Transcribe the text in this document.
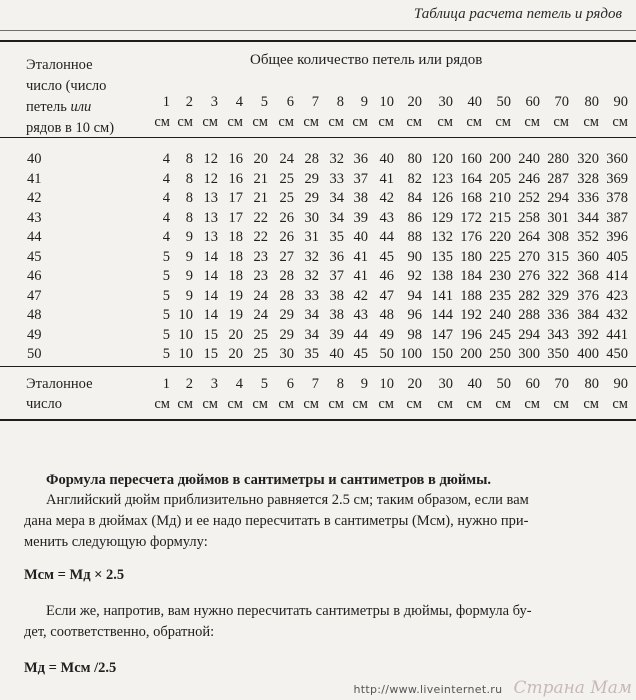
Таблица расчета петель и рядов
Эталонное
число (число
петель или
рядов в 10 см)
Общее количество петель или рядов
1	2	3	4	5	6	7	8	9 10 20	30	40	50	60	70	80	90
см см см см см см см см см см см	см см см см см см см
40	4	8 12 16 20 24 28 32 36 40 80 120 160 200 240 280 320 360
41	4	8 12 16 21 25 29 33 37 41 82 123 164 205 246 287 328 369
42	4	8 13 17 21 25 29 34 38 42 84 126 168 210 252 294 336 378
43	4	8 13 17 22 26 30 34 39 43 86 129 172 215 258 301 344 387
44	4	9 13 18 22 26 31 35 40 44 88 132 176 220 264 308 352 396
45	5	9 14 18 23 27 32 36 41 45 90 135 180 225 270 315 360 405
46	5	9 14 18 23 28 32 37 41 46 92 138 184 230 276 322 368 414
47	5	9 14 19 24 28 33 38 42 47 94 141 188 235 282 329 376 423
48	5 10 14 19 24 29 34 38 43 48 96 144 192 240 288 336 384 432
49	5 10 15 20 25 29 34 39 44 49 98 147 196 245 294 343 392 441
50	5 10 15 20 25 30 35 40 45 50 100 150 200 250 300 350 400 450
Эталонное
число
1	2	3	4	5	6	7	8	9 10 20	30	40	50	60	70	80	90
см см см см см см см см см см см	см см см см см см см
Формула пересчета дюймов в сантиметры и сантиметров в дюймы.
Английский дюйм приблизительно равняется 2.5 см; таким образом, если вам
дана мера в дюймах (Мд) и ее надо пересчитать в сантиметры (Мсм), нужно при-
менить следующую формулу:
Мсм = Мд × 2.5
Если же, напротив, вам нужно пересчитать сантиметры в дюймы, формула бу-
дет, соответственно, обратной:
Мд = Мсм /2.5
http://www.liveinternet.ru Страна Мам
